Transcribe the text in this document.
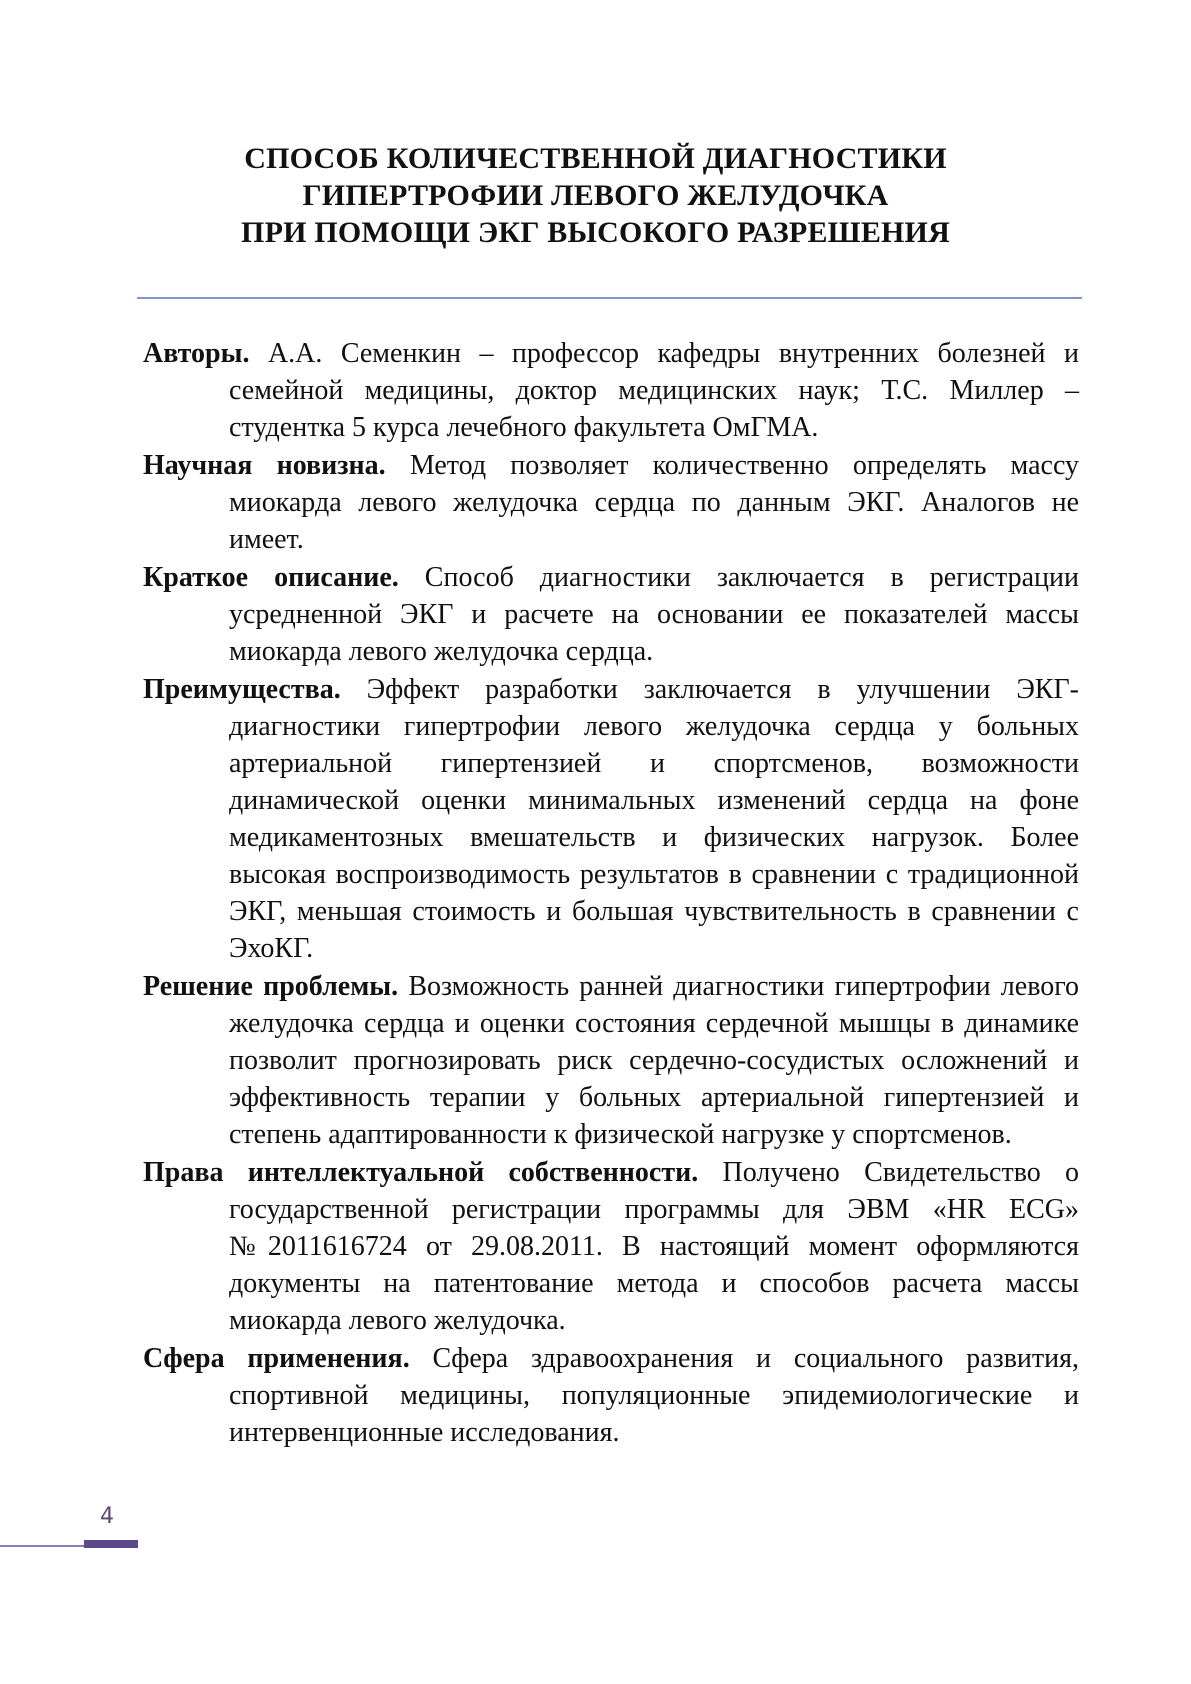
СПОСОБ КОЛИЧЕСТВЕННОЙ ДИАГНОСТИКИ
ГИПЕРТРОФИИ ЛЕВОГО ЖЕЛУДОЧКА
ПРИ ПОМОЩИ ЭКГ ВЫСОКОГО РАЗРЕШЕНИЯ

Авторы. А.А. Семенкин – профессор кафедры внутренних болезней и семейной медицины, доктор медицинских наук; Т.С. Миллер – студентка 5 курса лечебного факультета ОмГМА.

Научная новизна. Метод позволяет количественно определять массу миокарда левого желудочка сердца по данным ЭКГ. Аналогов не имеет.

Краткое описание. Способ диагностики заключается в регистрации усредненной ЭКГ и расчете на основании ее показателей массы миокарда левого желудочка сердца.

Преимущества. Эффект разработки заключается в улучшении ЭКГ-диагностики гипертрофии левого желудочка сердца у больных артериальной гипертензией и спортсменов, возможности динамической оценки минимальных изменений сердца на фоне медикаментозных вмешательств и физических нагрузок. Более высокая воспроизводимость результатов в сравнении с традиционной ЭКГ, меньшая стоимость и большая чувствительность в сравнении с ЭхоКГ.

Решение проблемы. Возможность ранней диагностики гипертрофии левого желудочка сердца и оценки состояния сердечной мышцы в динамике позволит прогнозировать риск сердечно-сосудистых осложнений и эффективность терапии у больных артериальной гипертензией и степень адаптированности к физической нагрузке у спортсменов.

Права интеллектуальной собственности. Получено Свидетельство о государственной регистрации программы для ЭВМ «HR ECG» №2011616724 от 29.08.2011. В настоящий момент оформляются документы на патентование метода и способов расчета массы миокарда левого желудочка.

Сфера применения. Сфера здравоохранения и социального развития, спортивной медицины, популяционные эпидемиологические и интервенционные исследования.

4
